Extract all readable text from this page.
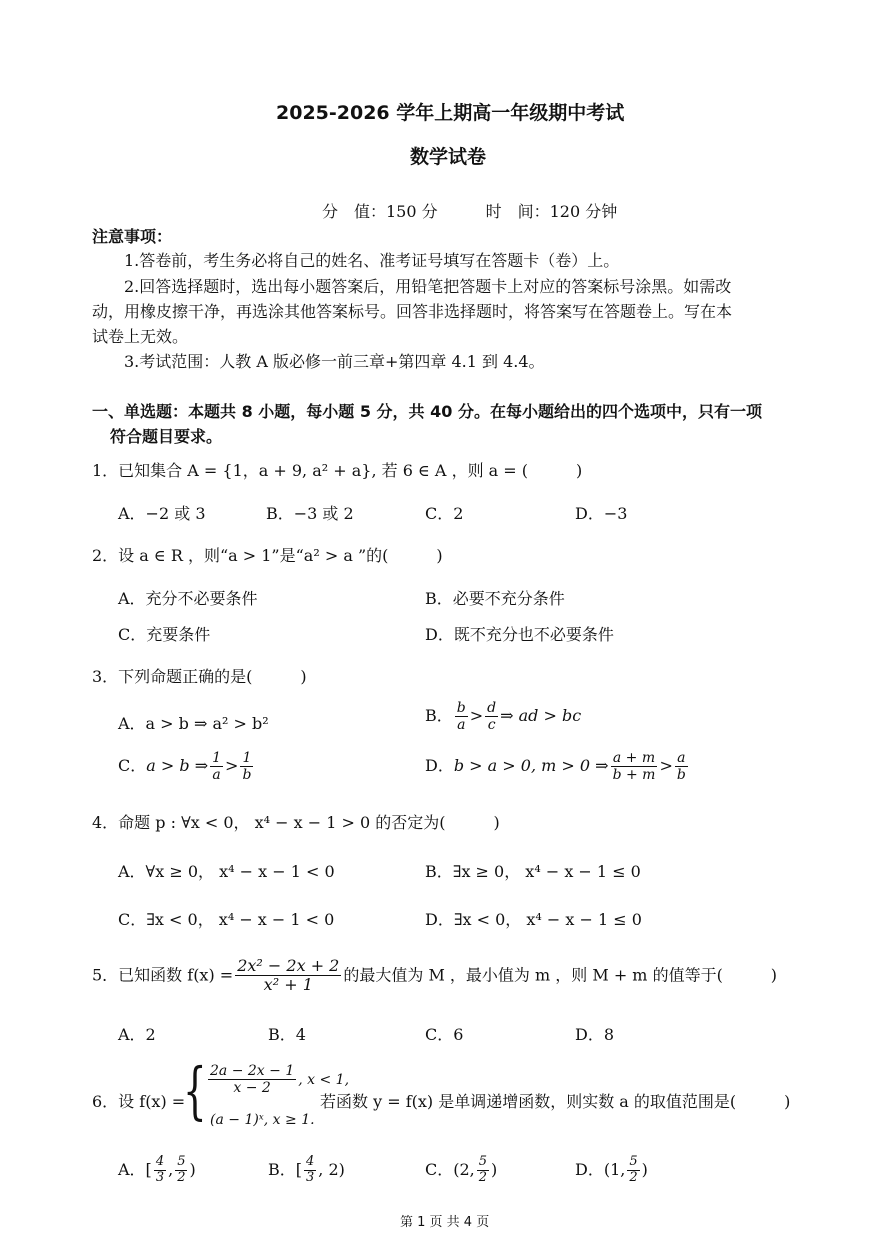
2025-2026 学年上期高一年级期中考试
数学试卷
分　值：150 分　　　时　间：120 分钟
注意事项：
1.答卷前，考生务必将自己的姓名、准考证号填写在答题卡（卷）上。
2.回答选择题时，选出每小题答案后，用铅笔把答题卡上对应的答案标号涂黑。如需改
动，用橡皮擦干净，再选涂其他答案标号。回答非选择题时，将答案写在答题卷上。写在本
试卷上无效。
3.考试范围：人教 A 版必修一前三章+第四章 4.1 到 4.4。
一、单选题：本题共 8 小题，每小题 5 分，共 40 分。在每小题给出的四个选项中，只有一项
符合题目要求。
1．已知集合 A = {1，a + 9, a² + a}, 若 6 ∈ A ，则 a = (　　　)
A．−2 或 3	B．−3 或 2	C．2	D．−3
2．设 a ∈ R ，则“a > 1”是“a² > a ”的(　　　)
A．充分不必要条件	B．必要不充分条件
C．充要条件	D．既不充分也不必要条件
3．下列命题正确的是(　　　)
A．a > b ⇒ a² > b²	B． $\frac{b}{a} > \frac{d}{c}$ ⇒ ad > bc
C．a > b ⇒ $\frac{1}{a} > \frac{1}{b}$	D．b > a > 0, m > 0 ⇒ $\frac{a + m}{b + m} > \frac{a}{b}$
4．命题 p : ∀x < 0， x⁴ − x − 1 > 0 的否定为(　　　)
A．∀x ≥ 0， x⁴ − x − 1 < 0	B．∃x ≥ 0， x⁴ − x − 1 ≤ 0
C．∃x < 0， x⁴ − x − 1 < 0	D．∃x < 0， x⁴ − x − 1 ≤ 0
5．已知函数 $f(x) = \frac{\text{2x² − 2x + 2}}{\text{x² + 1}}$ 的最大值为 M ，最小值为 m ，则 M + m 的值等于(　　　)
A．2	B．4	C．6	D．8
6．设 f(x) =
{ $\frac{2a - 2x - 1}{x - 2}$ , x < 1,
(a − 1)ˣ, x ≥ 1.
若函数 y = f(x) 是单调递增函数，则实数 a 的取值范围是(　　　)
A．[ $\frac{4}{3}$ , $\frac{5}{2}$ )	B．[ $\frac{4}{3}$ , 2)	C．(2, $\frac{5}{2}$ )	D．(1, $\frac{5}{2}$ )
第 1 页 共 4 页
